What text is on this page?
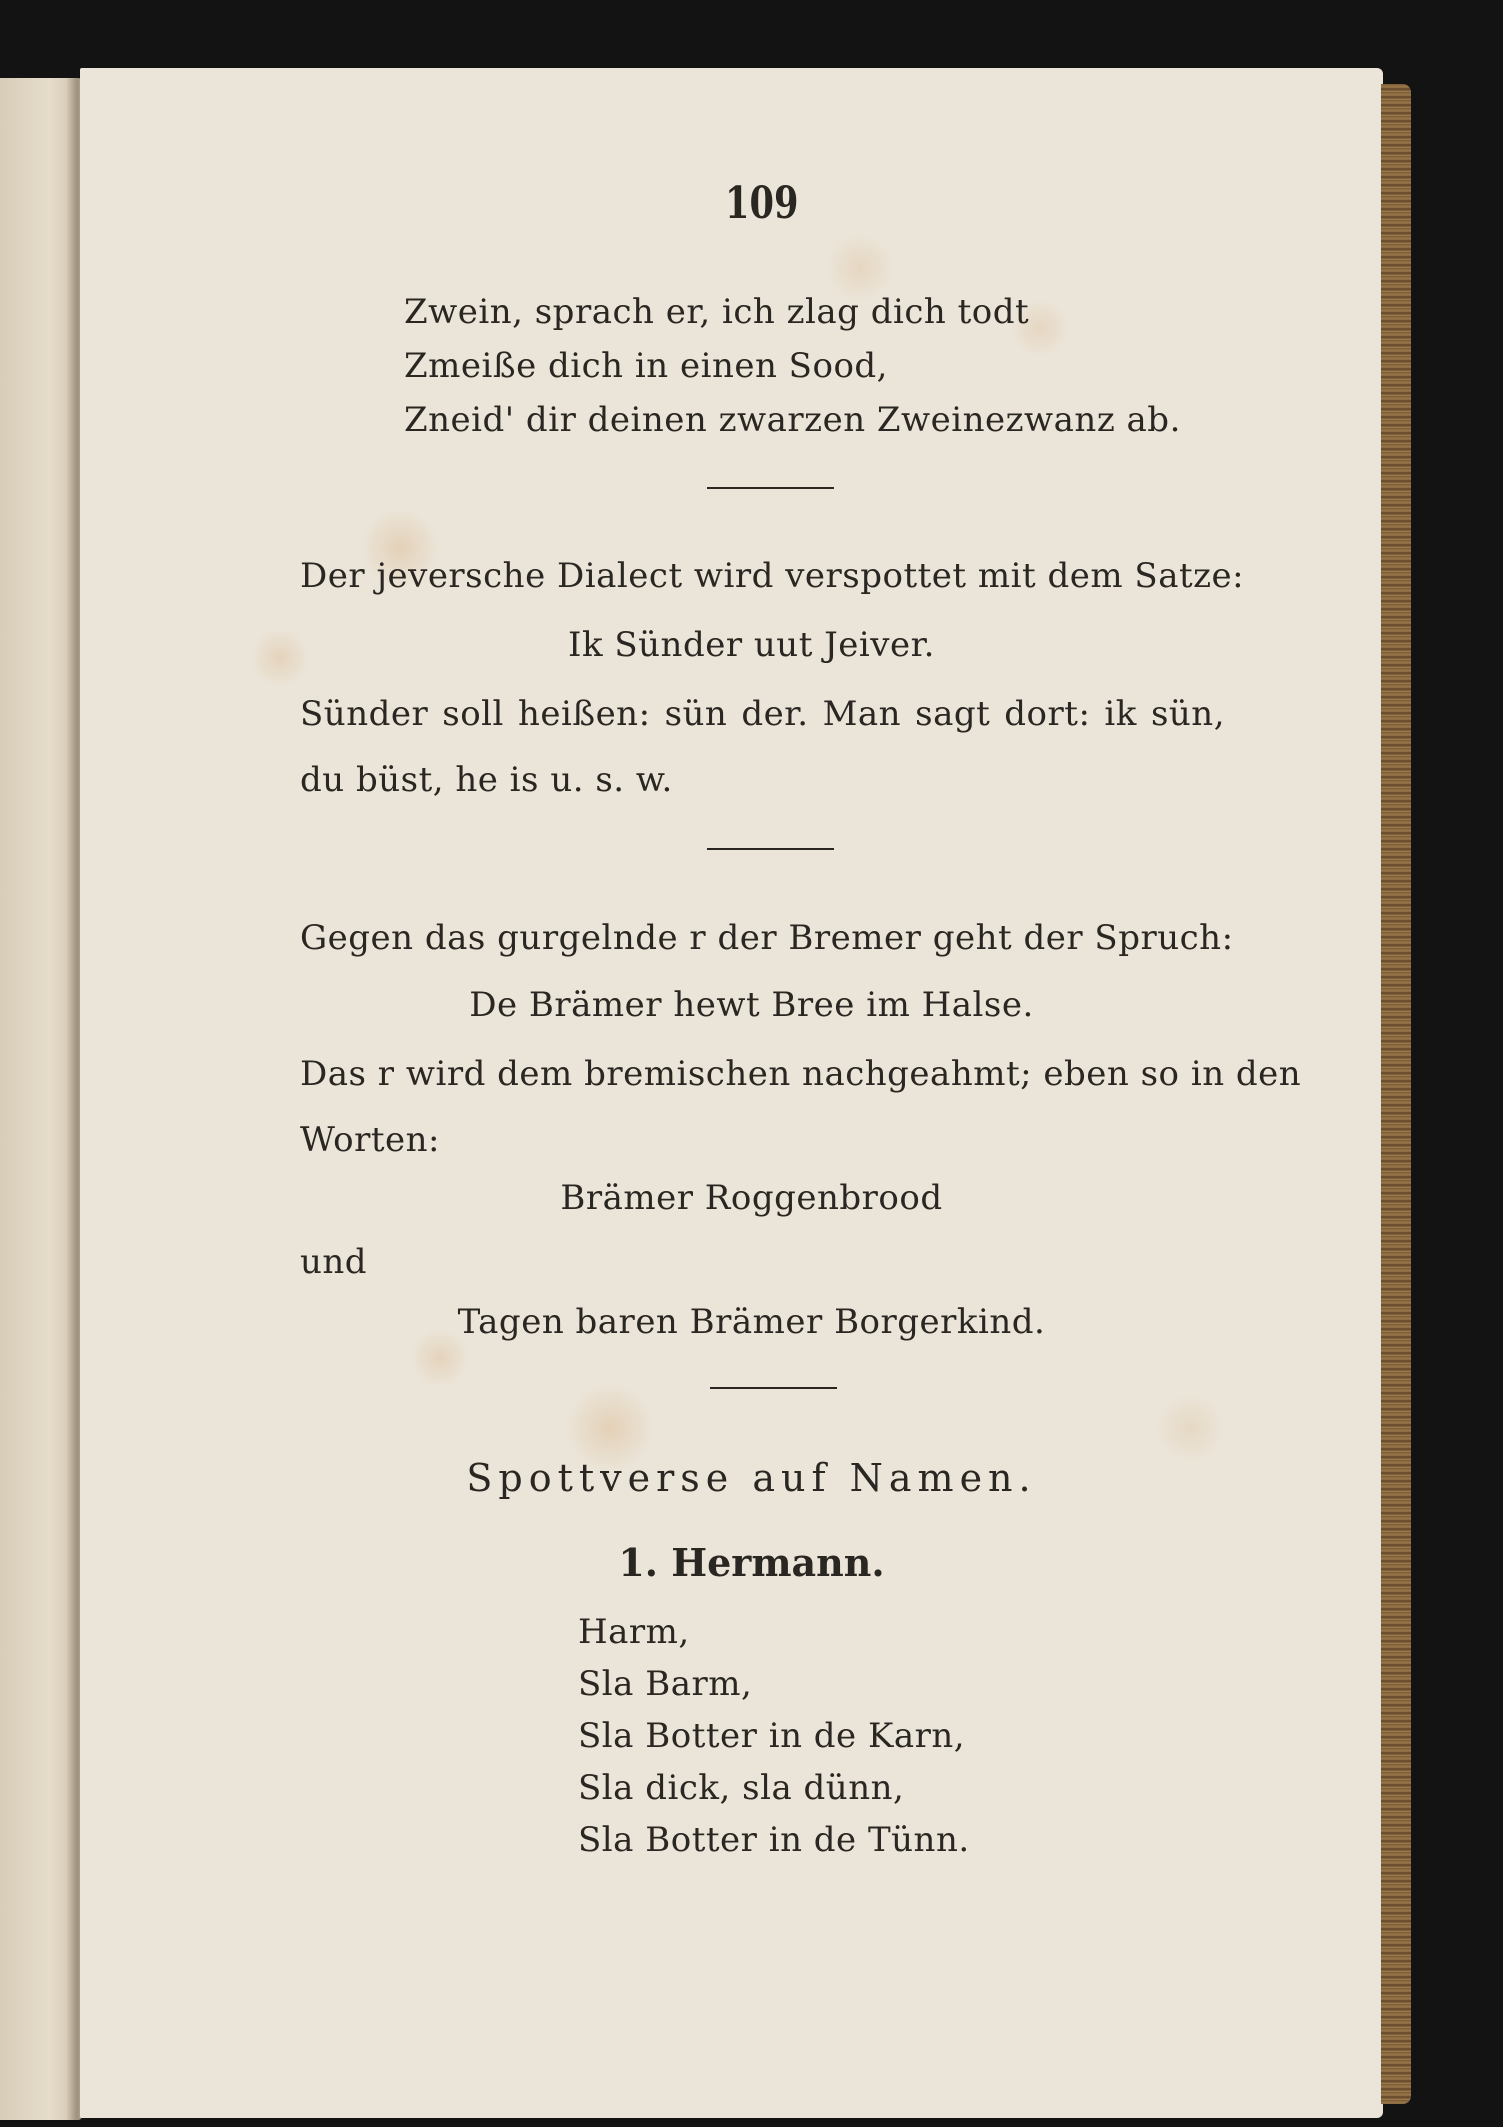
109
Zwein, sprach er, ich zlag dich todt
Zmeiße dich in einen Sood,
Zneid' dir deinen zwarzen Zweinezwanz ab.
Der jeversche Dialect wird verspottet mit dem Satze:
Ik Sünder uut Jeiver.
Sünder soll heißen: sün der. Man sagt dort: ik sün,
du büst, he is u. s. w.
Gegen das gurgelnde r der Bremer geht der Spruch:
De Brämer hewt Bree im Halse.
Das r wird dem bremischen nachgeahmt; eben so in den
Worten:
Brämer Roggenbrood
und
Tagen baren Brämer Borgerkind.
Spottverse auf Namen.
1. Hermann.
Harm,
Sla Barm,
Sla Botter in de Karn,
Sla dick, sla dünn,
Sla Botter in de Tünn.
